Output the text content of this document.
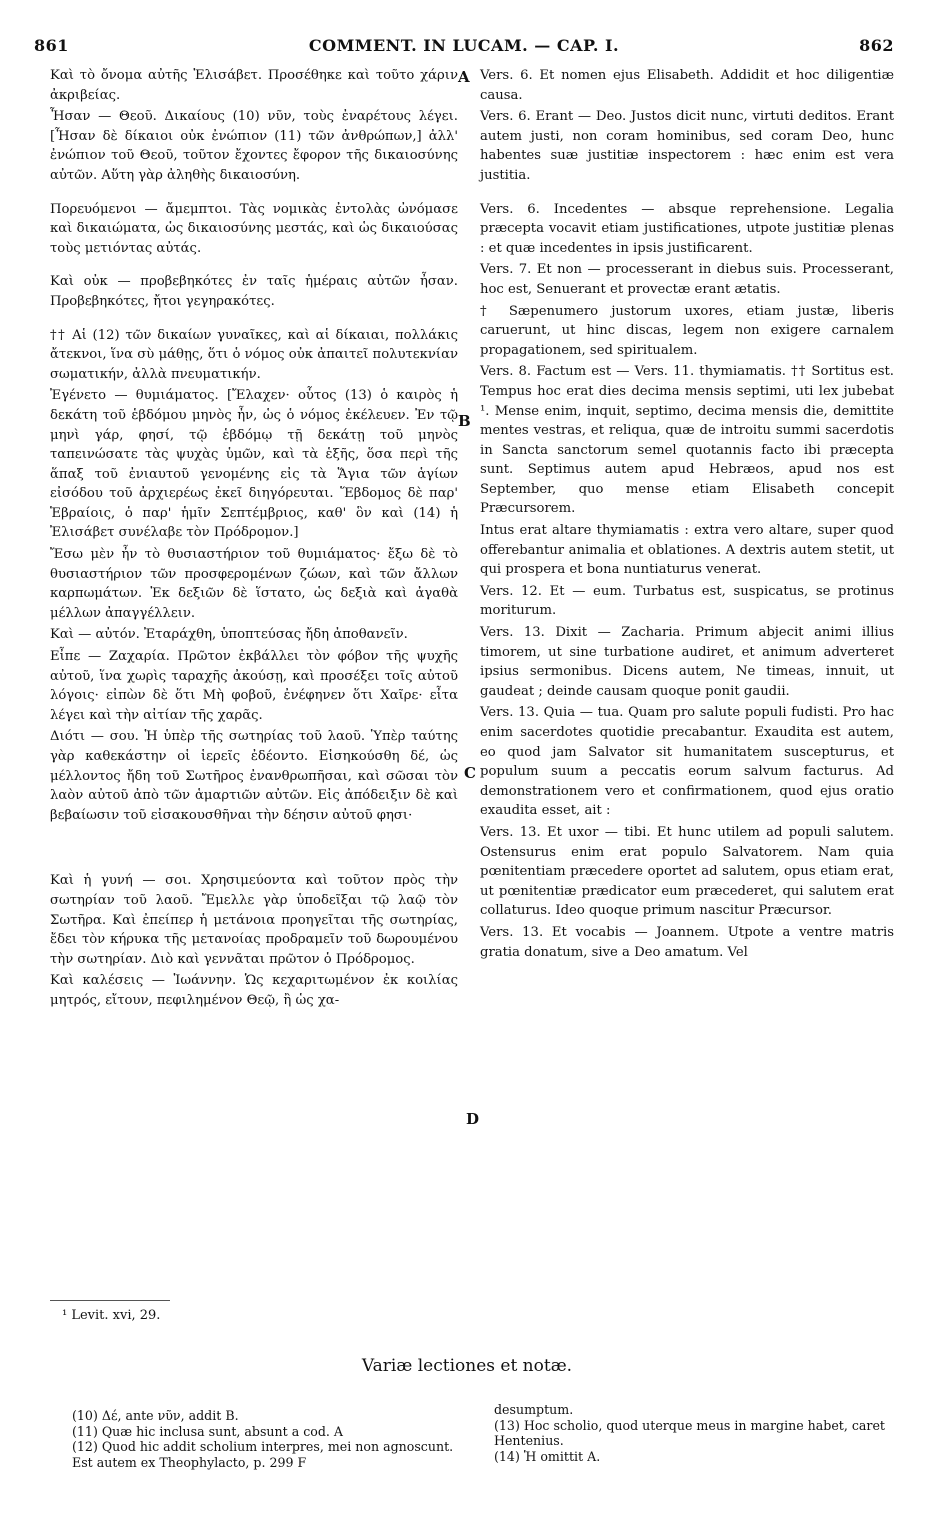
861	COMMENT. IN LUCAM. — CAP. I.	862

Καὶ τὸ ὄνομα αὐτῆς Ἐλισάβετ. Προσέθηκε καὶ τοῦτο χάριν ἀκριβείας.

Ἦσαν — Θεοῦ. Δικαίους (10) νῦν, τοὺς ἐναρέτους λέγει. [Ἦσαν δὲ δίκαιοι οὐκ ἐνώπιον (11) τῶν ἀνθρώπων,] ἀλλ' ἐνώπιον τοῦ Θεοῦ, τοῦτον ἔχοντες ἔφορον τῆς δικαιοσύνης αὐτῶν. Αὕτη γὰρ ἀληθὴς δικαιοσύνη.

Πορευόμενοι — ἄμεμπτοι. Τὰς νομικὰς ἐντολὰς ὠνόμασε καὶ δικαιώματα, ὡς δικαιοσύνης μεστάς, καὶ ὡς δικαιούσας τοὺς μετιόντας αὐτάς.

Καὶ οὐκ — προβεβηκότες ἐν ταῖς ἡμέραις αὐτῶν ἦσαν. Προβεβηκότες, ἤτοι γεγηρακότες.

†† Αἱ (12) τῶν δικαίων γυναῖκες, καὶ αἱ δίκαιαι, πολλάκις ἄτεκνοι, ἵνα σὺ μάθῃς, ὅτι ὁ νόμος οὐκ ἀπαιτεῖ πολυτεκνίαν σωματικήν, ἀλλὰ πνευματικήν.

Ἐγένετο — θυμιάματος. [Ἔλαχεν· οὗτος (13) ὁ καιρὸς ἡ δεκάτη τοῦ ἑβδόμου μηνὸς ἦν, ὡς ὁ νόμος ἐκέλευεν. Ἐν τῷ μηνὶ γάρ, φησί, τῷ ἑβδόμῳ τῇ δεκάτῃ τοῦ μηνὸς ταπεινώσατε τὰς ψυχὰς ὑμῶν, καὶ τὰ ἑξῆς, ὅσα περὶ τῆς ἅπαξ τοῦ ἐνιαυτοῦ γενομένης εἰς τὰ Ἅγια τῶν ἁγίων εἰσόδου τοῦ ἀρχιερέως ἐκεῖ διηγόρευται. Ἕβδομος δὲ παρ' Ἑβραίοις, ὁ παρ' ἡμῖν Σεπτέμβριος, καθ' ὃν καὶ (14) ἡ Ἐλισάβετ συνέλαβε τὸν Πρόδρομον.]

Ἔσω μὲν ἦν τὸ θυσιαστήριον τοῦ θυμιάματος· ἔξω δὲ τὸ θυσιαστήριον τῶν προσφερομένων ζώων, καὶ τῶν ἄλλων καρπωμάτων. Ἐκ δεξιῶν δὲ ἵστατο, ὡς δεξιὰ καὶ ἀγαθὰ μέλλων ἀπαγγέλλειν.

Καὶ — αὐτόν. Ἐταράχθη, ὑποπτεύσας ἤδη ἀποθανεῖν.

Εἶπε — Ζαχαρία. Πρῶτον ἐκβάλλει τὸν φόβον τῆς ψυχῆς αὐτοῦ, ἵνα χωρὶς ταραχῆς ἀκούσῃ, καὶ προσέξει τοῖς αὐτοῦ λόγοις· εἰπὼν δὲ ὅτι Μὴ φοβοῦ, ἐνέφηνεν ὅτι Χαῖρε· εἶτα λέγει καὶ τὴν αἰτίαν τῆς χαρᾶς.

Διότι — σου. Ἡ ὑπὲρ τῆς σωτηρίας τοῦ λαοῦ. Ὑπὲρ ταύτης γὰρ καθεκάστην οἱ ἱερεῖς ἐδέοντο. Εἰσηκούσθη δέ, ὡς μέλλοντος ἤδη τοῦ Σωτῆρος ἐνανθρωπῆσαι, καὶ σῶσαι τὸν λαὸν αὐτοῦ ἀπὸ τῶν ἁμαρτιῶν αὐτῶν. Εἰς ἀπόδειξιν δὲ καὶ βεβαίωσιν τοῦ εἰσακουσθῆναι τὴν δέησιν αὐτοῦ φησι·

Καὶ ἡ γυνή — σοι. Χρησιμεύοντα καὶ τοῦτον πρὸς τὴν σωτηρίαν τοῦ λαοῦ. Ἔμελλε γὰρ ὑποδεῖξαι τῷ λαῷ τὸν Σωτῆρα. Καὶ ἐπείπερ ἡ μετάνοια προηγεῖται τῆς σωτηρίας, ἔδει τὸν κήρυκα τῆς μετανοίας προδραμεῖν τοῦ δωρουμένου τὴν σωτηρίαν. Διὸ καὶ γεννᾶται πρῶτον ὁ Πρόδρομος.

Καὶ καλέσεις — Ἰωάννην. Ὡς κεχαριτωμένον ἐκ κοιλίας μητρός, εἴτουν, πεφιλημένον Θεῷ, ἢ ὡς χα-

Vers. 6. Et nomen ejus Elisabeth. Addidit et hoc diligentiæ causa.

Vers. 6. Erant — Deo. Justos dicit nunc, virtuti deditos. Erant autem justi, non coram hominibus, sed coram Deo, hunc habentes suæ justitiæ inspectorem : hæc enim est vera justitia.

Vers. 6. Incedentes — absque reprehensione. Legalia præcepta vocavit etiam justificationes, utpote justitiæ plenas : et quæ incedentes in ipsis justificarent.

Vers. 7. Et non — processerant in diebus suis. Processerant, hoc est, Senuerant et provectæ erant ætatis.

† Sæpenumero justorum uxores, etiam justæ, liberis caruerunt, ut hinc discas, legem non exigere carnalem propagationem, sed spiritualem.

Vers. 8. Factum est — Vers. 11. thymiamatis. †† Sortitus est. Tempus hoc erat dies decima mensis septimi, uti lex jubebat ¹. Mense enim, inquit, septimo, decima mensis die, demittite mentes vestras, et reliqua, quæ de introitu summi sacerdotis in Sancta sanctorum semel quotannis facto ibi præcepta sunt. Septimus autem apud Hebræos, apud nos est September, quo mense etiam Elisabeth concepit Præcursorem.

Intus erat altare thymiamatis : extra vero altare, super quod offerebantur animalia et oblationes. A dextris autem stetit, ut qui prospera et bona nuntiaturus venerat.

Vers. 12. Et — eum. Turbatus est, suspicatus, se protinus moriturum.

Vers. 13. Dixit — Zacharia. Primum abjecit animi illius timorem, ut sine turbatione audiret, et animum adverteret ipsius sermonibus. Dicens autem, Ne timeas, innuit, ut gaudeat ; deinde causam quoque ponit gaudii.

Vers. 13. Quia — tua. Quam pro salute populi fudisti. Pro hac enim sacerdotes quotidie precabantur. Exaudita est autem, eo quod jam Salvator sit humanitatem suscepturus, et populum suum a peccatis eorum salvum facturus. Ad demonstrationem vero et confirmationem, quod ejus oratio exaudita esset, ait :

Vers. 13. Et uxor — tibi. Et hunc utilem ad populi salutem. Ostensurus enim erat populo Salvatorem. Nam quia pœnitentiam præcedere oportet ad salutem, opus etiam erat, ut pœnitentiæ prædicator eum præcederet, qui salutem erat collaturus. Ideo quoque primum nascitur Præcursor.

Vers. 13. Et vocabis — Joannem. Utpote a ventre matris gratia donatum, sive a Deo amatum. Vel

A
B
C
D
¹ Levit. xvi, 29.
Variæ lectiones et notæ.
(10) Δέ, ante νῦν, addit B.
(11) Quæ hic inclusa sunt, absunt a cod. A
(12) Quod hic addit scholium interpres, mei non agnoscunt. Est autem ex Theophylacto, p. 299 F
desumptum.
(13) Hoc scholio, quod uterque meus in margine habet, caret Hentenius.
(14) Ἡ omittit A.
